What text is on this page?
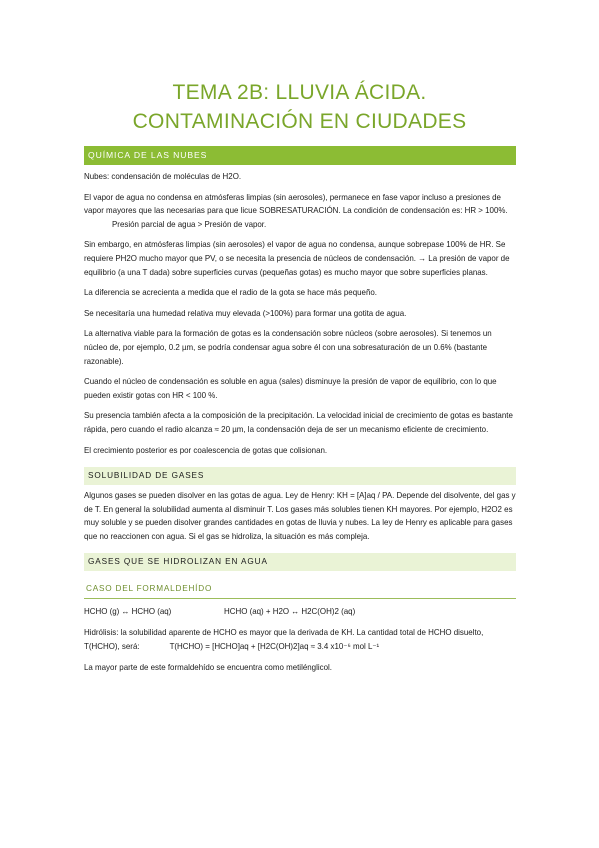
TEMA 2B: LLUVIA ÁCIDA.
CONTAMINACIÓN EN CIUDADES
QUÍMICA DE LAS NUBES

Nubes: condensación de moléculas de H2O.

El vapor de agua no condensa en atmósferas limpias (sin aerosoles), permanece en fase vapor incluso a presiones de vapor mayores que las necesarias para que licue SOBRESATURACIÓN. La condición de condensación es: HR > 100%.Presión parcial de agua > Presión de vapor.

Sin embargo, en atmósferas limpias (sin aerosoles) el vapor de agua no condensa, aunque sobrepase 100% de HR. Se requiere PH2O mucho mayor que PV, o se necesita la presencia de núcleos de condensación. → La presión de vapor de equilibrio (a una T dada) sobre superficies curvas (pequeñas gotas) es mucho mayor que sobre superficies planas.

La diferencia se acrecienta a medida que el radio de la gota se hace más pequeño.

Se necesitaría una humedad relativa muy elevada (>100%) para formar una gotita de agua.

La alternativa viable para la formación de gotas es la condensación sobre núcleos (sobre aerosoles). Si tenemos un núcleo de, por ejemplo, 0.2 µm, se podría condensar agua sobre él con una sobresaturación de un 0.6% (bastante razonable).

Cuando el núcleo de condensación es soluble en agua (sales) disminuye la presión de vapor de equilibrio, con lo que pueden existir gotas con HR < 100 %.

Su presencia también afecta a la composición de la precipitación. La velocidad inicial de crecimiento de gotas es bastante rápida, pero cuando el radio alcanza ≈ 20 µm, la condensación deja de ser un mecanismo eficiente de crecimiento.

El crecimiento posterior es por coalescencia de gotas que colisionan.

SOLUBILIDAD DE GASES

Algunos gases se pueden disolver en las gotas de agua. Ley de Henry: KH = [A]aq / PA. Depende del disolvente, del gas y de T. En general la solubilidad aumenta al disminuir T. Los gases más solubles tienen KH mayores. Por ejemplo, H2O2 es muy soluble y se pueden disolver grandes cantidades en gotas de lluvia y nubes. La ley de Henry es aplicable para gases que no reaccionen con agua. Si el gas se hidroliza, la situación es más compleja.

GASES QUE SE HIDROLIZAN EN AGUA
CASO DEL FORMALDEHÍDO

HCHO (g) ↔ HCHO (aq)	HCHO (aq) + H2O ↔ H2C(OH)2 (aq)

Hidrólisis: la solubilidad aparente de HCHO es mayor que la derivada de KH. La cantidad total de HCHO disuelto, T(HCHO), será:	T(HCHO) = [HCHO]aq + [H2C(OH)2]aq ≈ 3.4 x10⁻⁶ mol L⁻¹

La mayor parte de este formaldehído se encuentra como metilénglicol.
